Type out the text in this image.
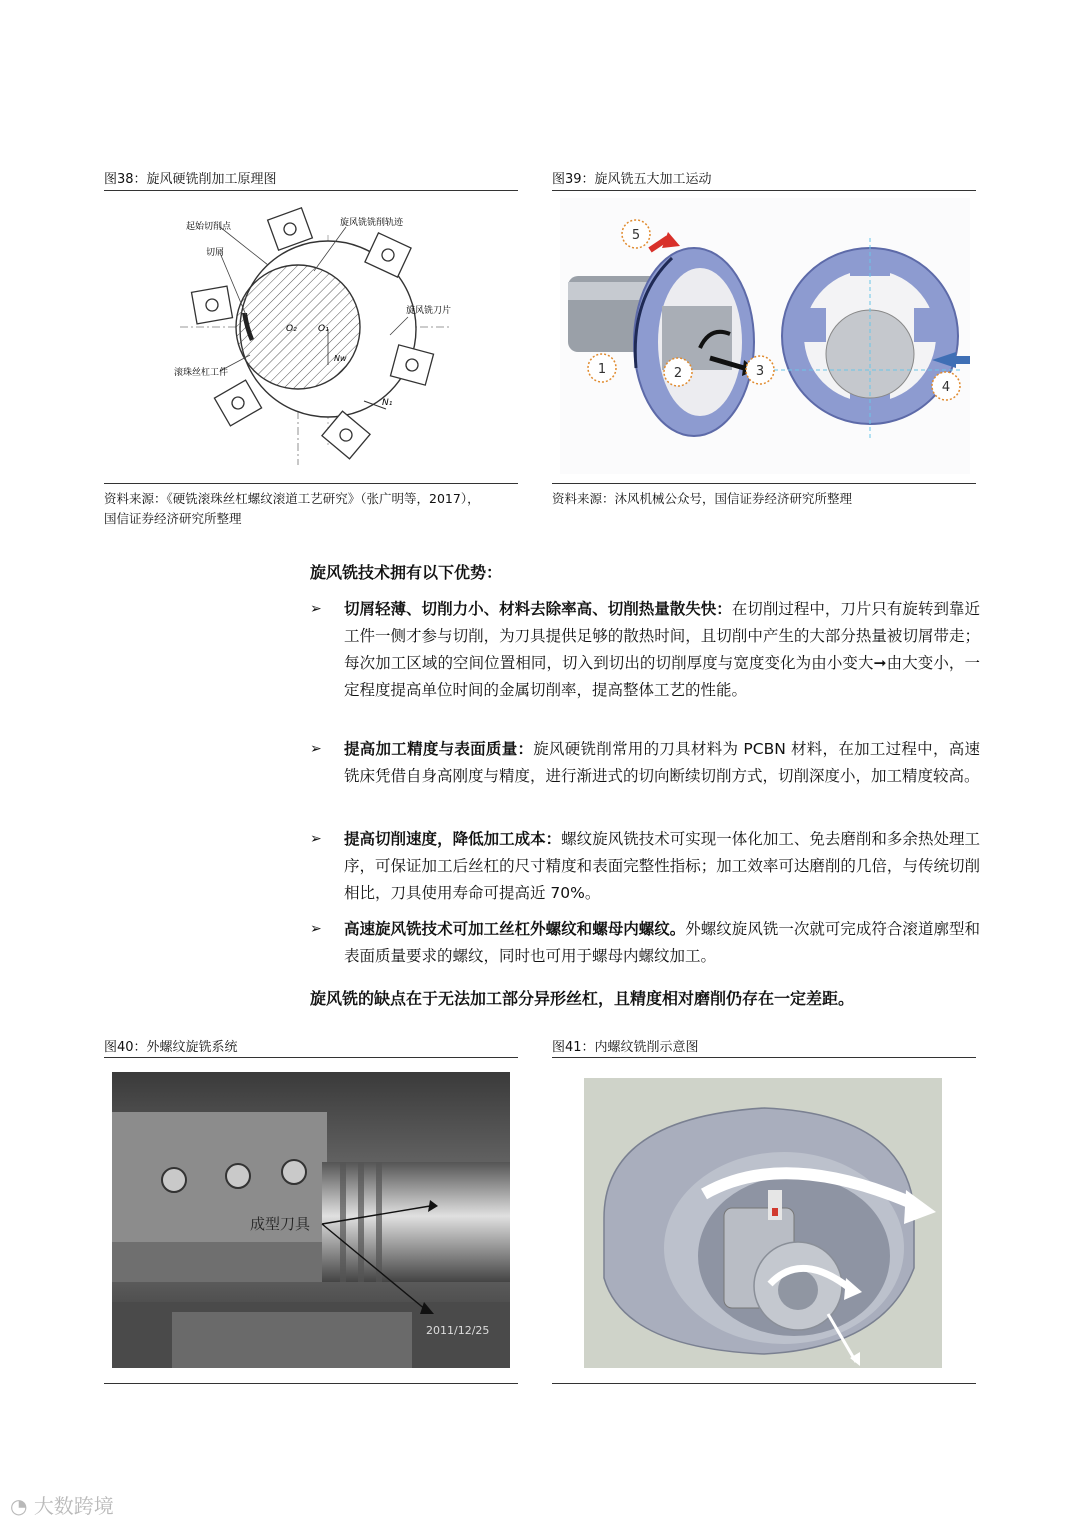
图38：旋风硬铣削加工原理图
起始切削点
切屑
旋风铣铣削轨迹
旋风铣刀片
滚珠丝杠工件
O₂ O₁
Nw
N₁
资料来源：《硬铣滚珠丝杠螺纹滚道工艺研究》（张广明等，2017），
国信证券经济研究所整理
图39：旋风铣五大加工运动
1	2	3
4
5
资料来源：沐风机械公众号，国信证券经济研究所整理
旋风铣技术拥有以下优势：
➢ 切屑轻薄、切削力小、材料去除率高、切削热量散失快：在切削过程中，刀片只有旋转到靠近工件一侧才参与切削，为刀具提供足够的散热时间，且切削中产生的大部分热量被切屑带走；每次加工区域的空间位置相同，切入到切出的切削厚度与宽度变化为由小变大➞由大变小，一定程度提高单位时间的金属切削率，提高整体工艺的性能。
➢ 提高加工精度与表面质量：旋风硬铣削常用的刀具材料为 PCBN 材料，在加工过程中，高速铣床凭借自身高刚度与精度，进行渐进式的切向断续切削方式，切削深度小，加工精度较高。
➢ 提高切削速度，降低加工成本：螺纹旋风铣技术可实现一体化加工、免去磨削和多余热处理工序，可保证加工后丝杠的尺寸精度和表面完整性指标；加工效率可达磨削的几倍，与传统切削相比，刀具使用寿命可提高近 70%。
➢ 高速旋风铣技术可加工丝杠外螺纹和螺母内螺纹。外螺纹旋风铣一次就可完成符合滚道廓型和表面质量要求的螺纹，同时也可用于螺母内螺纹加工。
旋风铣的缺点在于无法加工部分异形丝杠，且精度相对磨削仍存在一定差距。
图40：外螺纹旋铣系统
成型刀具
2011/12/25
图41：内螺纹铣削示意图
◔ 大数跨境
